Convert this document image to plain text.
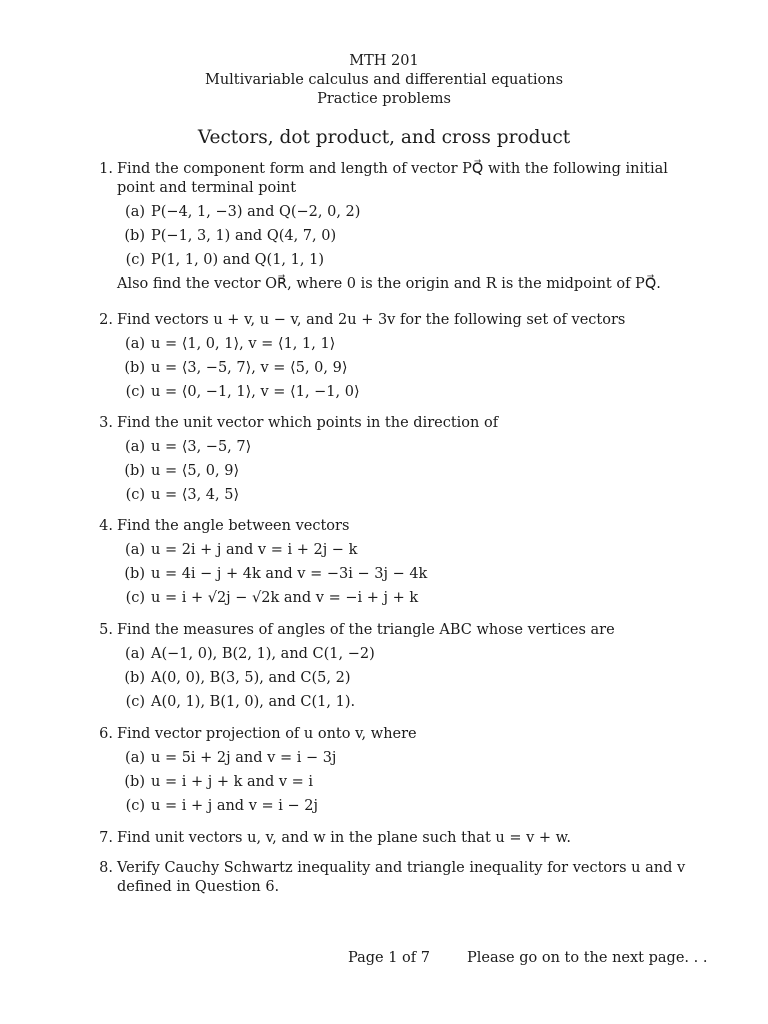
MTH 201
Multivariable calculus and differential equations
Practice problems
Vectors, dot product, and cross product
1. Find the component form and length of vector PQ⃗ with the following initial point and terminal point
(a) P(−4, 1, −3) and Q(−2, 0, 2)
(b) P(−1, 3, 1) and Q(4, 7, 0)
(c) P(1, 1, 0) and Q(1, 1, 1)
Also find the vector OR⃗, where 0 is the origin and R is the midpoint of PQ⃗.
2. Find vectors u + v, u − v, and 2u + 3v for the following set of vectors
(a) u = ⟨1, 0, 1⟩, v = ⟨1, 1, 1⟩
(b) u = ⟨3, −5, 7⟩, v = ⟨5, 0, 9⟩
(c) u = ⟨0, −1, 1⟩, v = ⟨1, −1, 0⟩
3. Find the unit vector which points in the direction of
(a) u = ⟨3, −5, 7⟩
(b) u = ⟨5, 0, 9⟩
(c) u = ⟨3, 4, 5⟩
4. Find the angle between vectors
(a) u = 2i + j and v = i + 2j − k
(b) u = 4i − j + 4k and v = −3i − 3j − 4k
(c) u = i + √2j − √2k and v = −i + j + k
5. Find the measures of angles of the triangle ABC whose vertices are
(a) A(−1, 0), B(2, 1), and C(1, −2)
(b) A(0, 0), B(3, 5), and C(5, 2)
(c) A(0, 1), B(1, 0), and C(1, 1).
6. Find vector projection of u onto v, where
(a) u = 5i + 2j and v = i − 3j
(b) u = i + j + k and v = i
(c) u = i + j and v = i − 2j
7. Find unit vectors u, v, and w in the plane such that u = v + w.
8. Verify Cauchy Schwartz inequality and triangle inequality for vectors u and v defined in Question 6.
Page 1 of 7	Please go on to the next page. . .
